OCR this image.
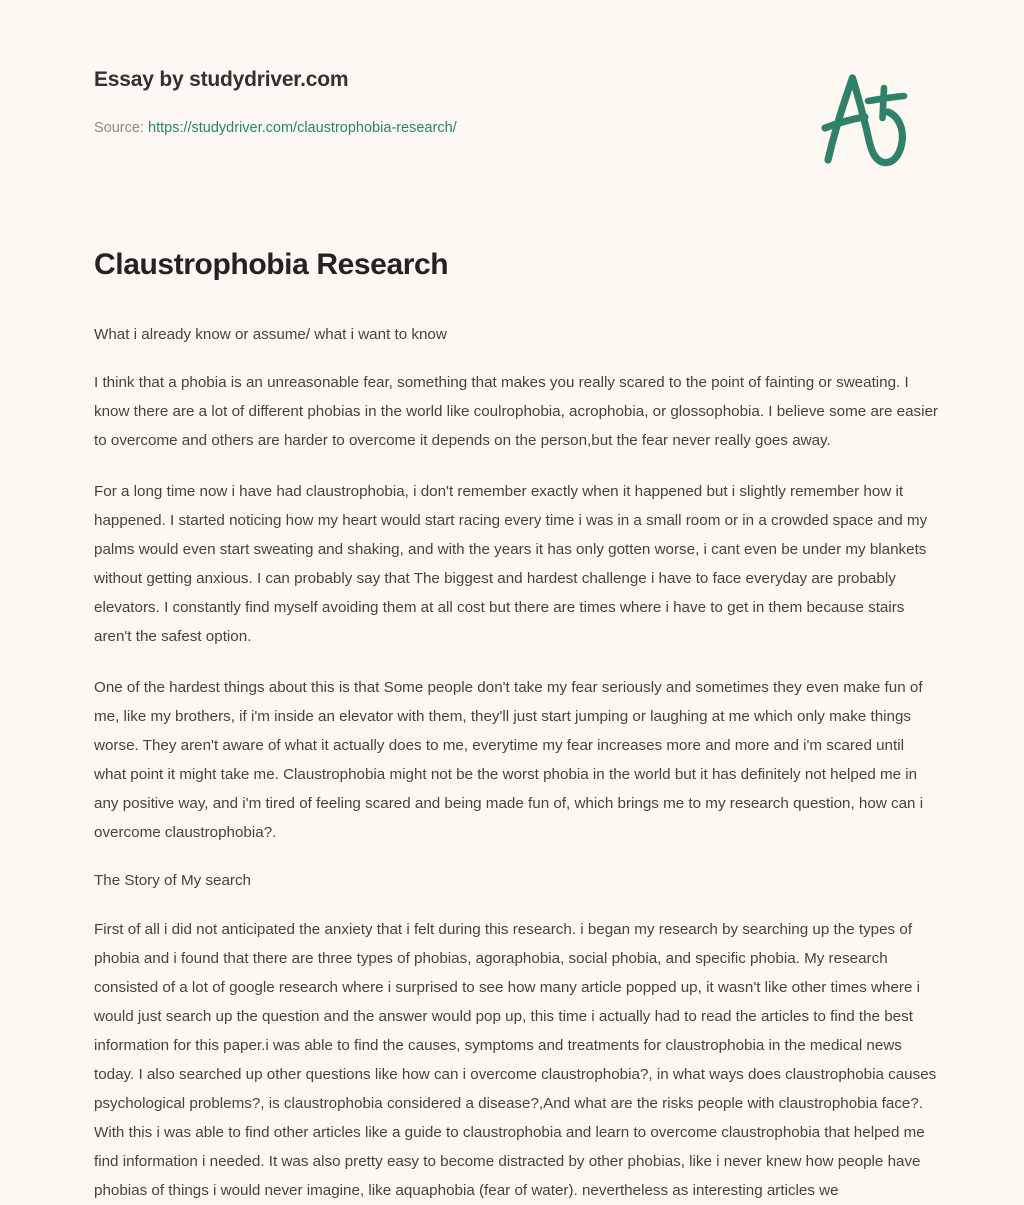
Essay by studydriver.com
Source: https://studydriver.com/claustrophobia-research/
Claustrophobia Research

What i already know or assume/ what i want to know

I think that a phobia is an unreasonable fear, something that makes you really scared to the point of fainting or sweating. I know there are a lot of different phobias in the world like coulrophobia, acrophobia, or glossophobia. I believe some are easier to overcome and others are harder to overcome it depends on the person,but the fear never really goes away.

For a long time now i have had claustrophobia, i don't remember exactly when it happened but i slightly remember how it happened. I started noticing how my heart would start racing every time i was in a small room or in a crowded space and my palms would even start sweating and shaking, and with the years it has only gotten worse, i cant even be under my blankets without getting anxious. I can probably say that The biggest and hardest challenge i have to face everyday are probably elevators. I constantly find myself avoiding them at all cost but there are times where i have to get in them because stairs aren't the safest option.

One of the hardest things about this is that Some people don't take my fear seriously and sometimes they even make fun of me, like my brothers, if i'm inside an elevator with them, they'll just start jumping or laughing at me which only make things worse. They aren't aware of what it actually does to me, everytime my fear increases more and more and i'm scared until what point it might take me. Claustrophobia might not be the worst phobia in the world but it has definitely not helped me in any positive way, and i'm tired of feeling scared and being made fun of, which brings me to my research question, how can i overcome claustrophobia?.

The Story of My search

First of all i did not anticipated the anxiety that i felt during this research. i began my research by searching up the types of phobia and i found that there are three types of phobias, agoraphobia, social phobia, and specific phobia. My research consisted of a lot of google research where i surprised to see how many article popped up, it wasn't like other times where i would just search up the question and the answer would pop up, this time i actually had to read the articles to find the best information for this paper.i was able to find the causes, symptoms and treatments for claustrophobia in the medical news today. I also searched up other questions like how can i overcome claustrophobia?, in what ways does claustrophobia causes psychological problems?, is claustrophobia considered a disease?,And what are the risks people with claustrophobia face?. With this i was able to find other articles like a guide to claustrophobia and learn to overcome claustrophobia that helped me find information i needed. It was also pretty easy to become distracted by other phobias, like i never knew how people have phobias of things i would never imagine, like aquaphobia (fear of water). nevertheless as interesting articles we
